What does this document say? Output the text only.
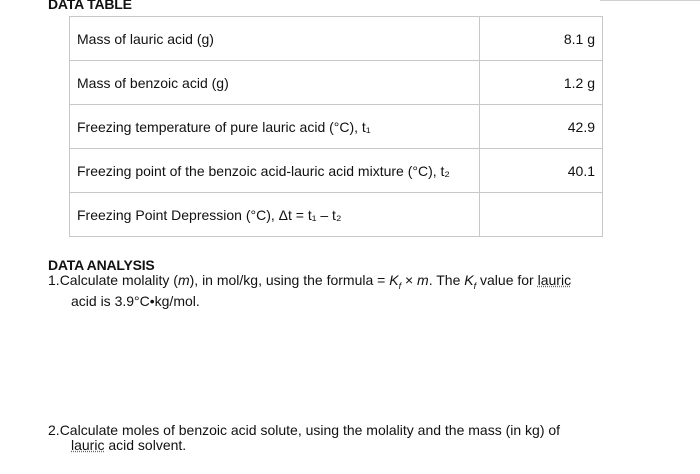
DATA TABLE
Mass of lauric acid (g)	8.1 g
Mass of benzoic acid (g)	1.2 g
Freezing temperature of pure lauric acid (°C), t₁	42.9
Freezing point of the benzoic acid-lauric acid mixture (°C), t₂	40.1
Freezing Point Depression (°C), Δt = t₁ – t₂	
DATA ANALYSIS
1.Calculate molality (m), in mol/kg, using the formula = $K_f \times m$. The $K_f$ value for lauric
acid is 3.9°C•kg/mol.
2.Calculate moles of benzoic acid solute, using the molality and the mass (in kg) of
lauric acid solvent.
